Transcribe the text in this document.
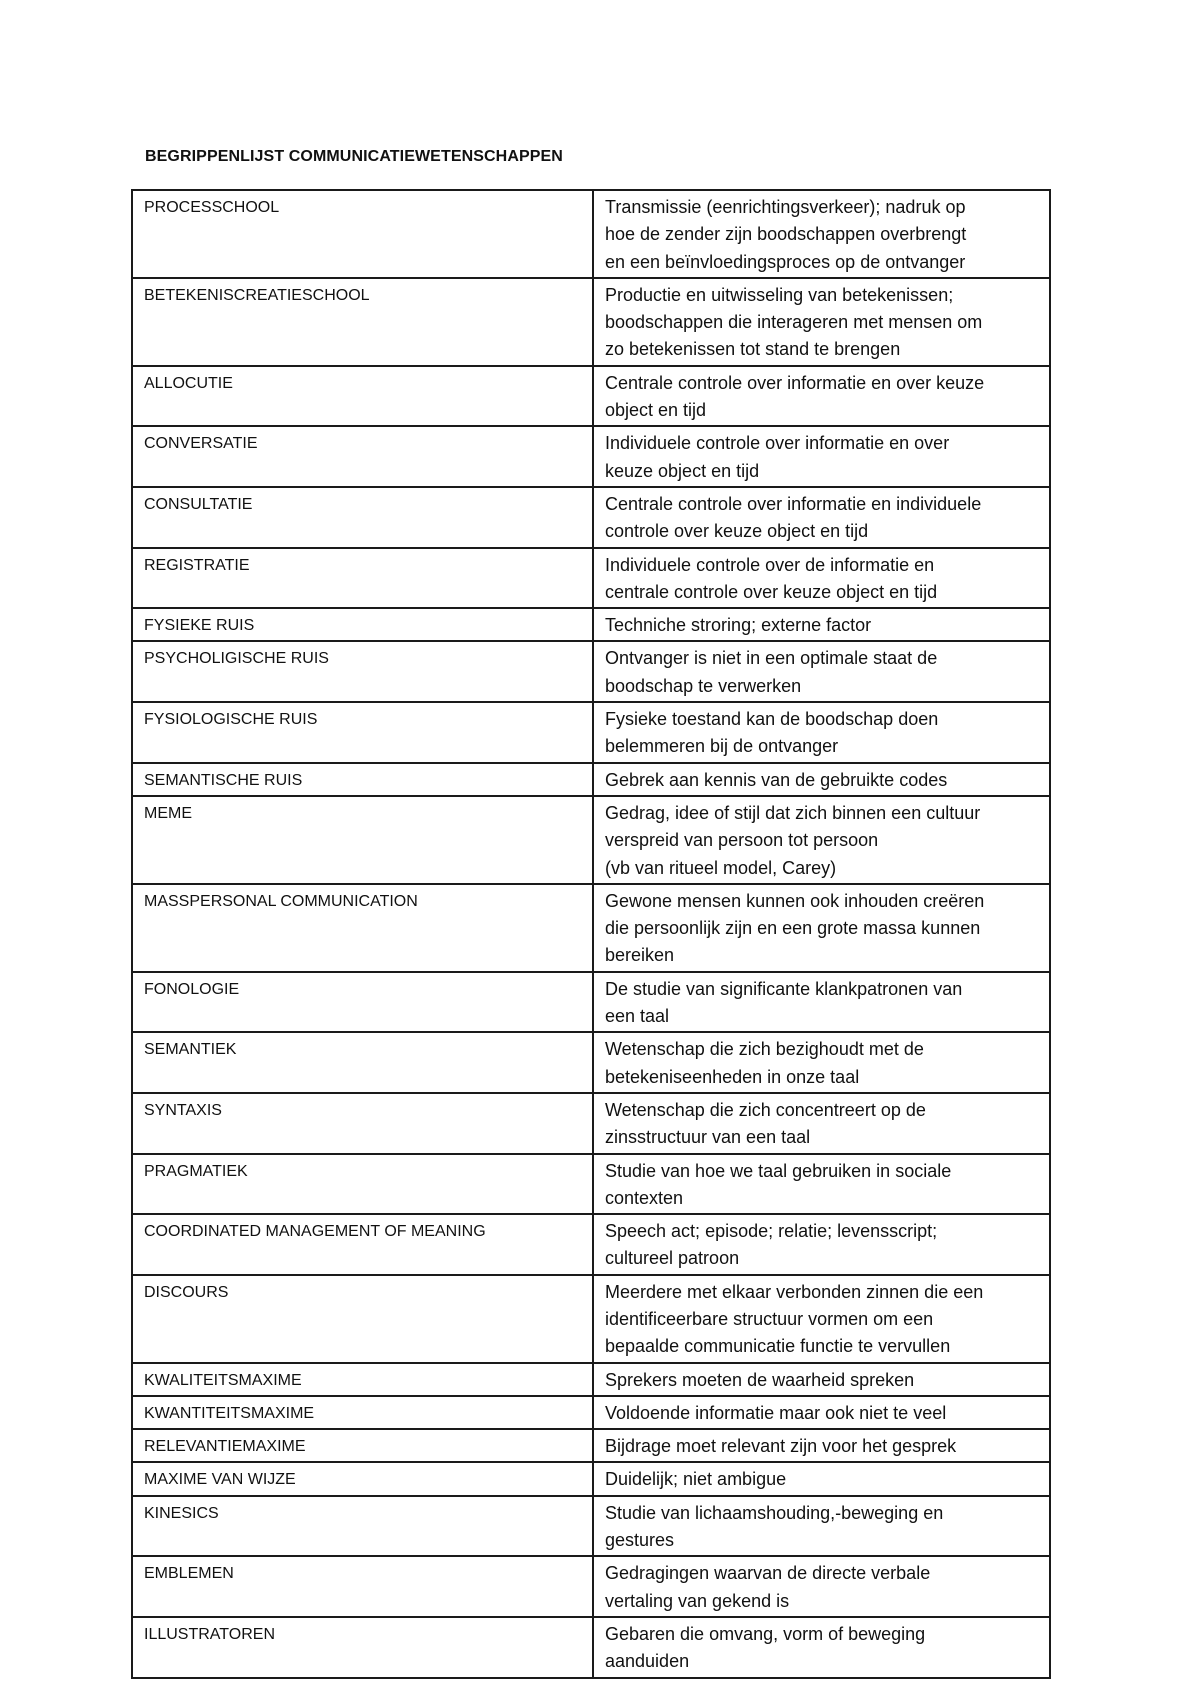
BEGRIPPENLIJST COMMUNICATIEWETENSCHAPPEN
PROCESSCHOOL	Transmissie (eenrichtingsverkeer); nadruk op
hoe de zender zijn boodschappen overbrengt
en een beïnvloedingsproces op de ontvanger

BETEKENISCREATIESCHOOL	Productie en uitwisseling van betekenissen;
boodschappen die interageren met mensen om
zo betekenissen tot stand te brengen

ALLOCUTIE	Centrale controle over informatie en over keuze
object en tijd

CONVERSATIE	Individuele controle over informatie en over
keuze object en tijd

CONSULTATIE	Centrale controle over informatie en individuele
controle over keuze object en tijd

REGISTRATIE	Individuele controle over de informatie en
centrale controle over keuze object en tijd

FYSIEKE RUIS	Techniche stroring; externe factor

PSYCHOLIGISCHE RUIS	Ontvanger is niet in een optimale staat de
boodschap te verwerken

FYSIOLOGISCHE RUIS	Fysieke toestand kan de boodschap doen
belemmeren bij de ontvanger

SEMANTISCHE RUIS	Gebrek aan kennis van de gebruikte codes

MEME	Gedrag, idee of stijl dat zich binnen een cultuur
verspreid van persoon tot persoon
(vb van ritueel model, Carey)

MASSPERSONAL COMMUNICATION	Gewone mensen kunnen ook inhouden creëren
die persoonlijk zijn en een grote massa kunnen
bereiken

FONOLOGIE	De studie van significante klankpatronen van
een taal

SEMANTIEK	Wetenschap die zich bezighoudt met de
betekeniseenheden in onze taal

SYNTAXIS	Wetenschap die zich concentreert op de
zinsstructuur van een taal

PRAGMATIEK	Studie van hoe we taal gebruiken in sociale
contexten

COORDINATED MANAGEMENT OF MEANING	Speech act; episode; relatie; levensscript;
cultureel patroon

DISCOURS	Meerdere met elkaar verbonden zinnen die een
identificeerbare structuur vormen om een
bepaalde communicatie functie te vervullen

KWALITEITSMAXIME	Sprekers moeten de waarheid spreken

KWANTITEITSMAXIME	Voldoende informatie maar ook niet te veel

RELEVANTIEMAXIME	Bijdrage moet relevant zijn voor het gesprek

MAXIME VAN WIJZE	Duidelijk; niet ambigue

KINESICS	Studie van lichaamshouding,-beweging en
gestures

EMBLEMEN	Gedragingen waarvan de directe verbale
vertaling van gekend is

ILLUSTRATOREN	Gebaren die omvang, vorm of beweging
aanduiden
